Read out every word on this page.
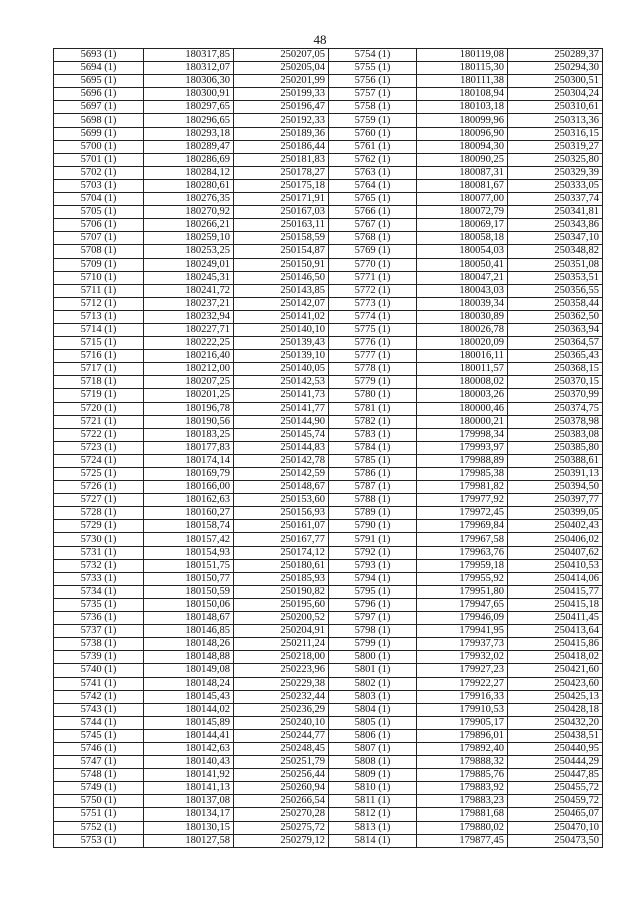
48
5693 (1)	180317,85	250207,05	5754 (1)	180119,08	250289,37
5694 (1)	180312,07	250205,04	5755 (1)	180115,30	250294,30
5695 (1)	180306,30	250201,99	5756 (1)	180111,38	250300,51
5696 (1)	180300,91	250199,33	5757 (1)	180108,94	250304,24
5697 (1)	180297,65	250196,47	5758 (1)	180103,18	250310,61
5698 (1)	180296,65	250192,33	5759 (1)	180099,96	250313,36
5699 (1)	180293,18	250189,36	5760 (1)	180096,90	250316,15
5700 (1)	180289,47	250186,44	5761 (1)	180094,30	250319,27
5701 (1)	180286,69	250181,83	5762 (1)	180090,25	250325,80
5702 (1)	180284,12	250178,27	5763 (1)	180087,31	250329,39
5703 (1)	180280,61	250175,18	5764 (1)	180081,67	250333,05
5704 (1)	180276,35	250171,91	5765 (1)	180077,00	250337,74
5705 (1)	180270,92	250167,03	5766 (1)	180072,79	250341,81
5706 (1)	180266,21	250163,11	5767 (1)	180069,17	250343,86
5707 (1)	180259,10	250158,59	5768 (1)	180058,18	250347,10
5708 (1)	180253,25	250154,87	5769 (1)	180054,03	250348,82
5709 (1)	180249,01	250150,91	5770 (1)	180050,41	250351,08
5710 (1)	180245,31	250146,50	5771 (1)	180047,21	250353,51
5711 (1)	180241,72	250143,85	5772 (1)	180043,03	250356,55
5712 (1)	180237,21	250142,07	5773 (1)	180039,34	250358,44
5713 (1)	180232,94	250141,02	5774 (1)	180030,89	250362,50
5714 (1)	180227,71	250140,10	5775 (1)	180026,78	250363,94
5715 (1)	180222,25	250139,43	5776 (1)	180020,09	250364,57
5716 (1)	180216,40	250139,10	5777 (1)	180016,11	250365,43
5717 (1)	180212,00	250140,05	5778 (1)	180011,57	250368,15
5718 (1)	180207,25	250142,53	5779 (1)	180008,02	250370,15
5719 (1)	180201,25	250141,73	5780 (1)	180003,26	250370,99
5720 (1)	180196,78	250141,77	5781 (1)	180000,46	250374,75
5721 (1)	180190,56	250144,90	5782 (1)	180000,21	250378,98
5722 (1)	180183,25	250145,74	5783 (1)	179998,34	250383,08
5723 (1)	180177,83	250144,83	5784 (1)	179993,97	250385,80
5724 (1)	180174,14	250142,78	5785 (1)	179988,89	250388,61
5725 (1)	180169,79	250142,59	5786 (1)	179985,38	250391,13
5726 (1)	180166,00	250148,67	5787 (1)	179981,82	250394,50
5727 (1)	180162,63	250153,60	5788 (1)	179977,92	250397,77
5728 (1)	180160,27	250156,93	5789 (1)	179972,45	250399,05
5729 (1)	180158,74	250161,07	5790 (1)	179969,84	250402,43
5730 (1)	180157,42	250167,77	5791 (1)	179967,58	250406,02
5731 (1)	180154,93	250174,12	5792 (1)	179963,76	250407,62
5732 (1)	180151,75	250180,61	5793 (1)	179959,18	250410,53
5733 (1)	180150,77	250185,93	5794 (1)	179955,92	250414,06
5734 (1)	180150,59	250190,82	5795 (1)	179951,80	250415,77
5735 (1)	180150,06	250195,60	5796 (1)	179947,65	250415,18
5736 (1)	180148,67	250200,52	5797 (1)	179946,09	250411,45
5737 (1)	180146,85	250204,91	5798 (1)	179941,95	250413,64
5738 (1)	180148,26	250211,24	5799 (1)	179937,73	250415,86
5739 (1)	180148,88	250218,00	5800 (1)	179932,02	250418,02
5740 (1)	180149,08	250223,96	5801 (1)	179927,23	250421,60
5741 (1)	180148,24	250229,38	5802 (1)	179922,27	250423,60
5742 (1)	180145,43	250232,44	5803 (1)	179916,33	250425,13
5743 (1)	180144,02	250236,29	5804 (1)	179910,53	250428,18
5744 (1)	180145,89	250240,10	5805 (1)	179905,17	250432,20
5745 (1)	180144,41	250244,77	5806 (1)	179896,01	250438,51
5746 (1)	180142,63	250248,45	5807 (1)	179892,40	250440,95
5747 (1)	180140,43	250251,79	5808 (1)	179888,32	250444,29
5748 (1)	180141,92	250256,44	5809 (1)	179885,76	250447,85
5749 (1)	180141,13	250260,94	5810 (1)	179883,92	250455,72
5750 (1)	180137,08	250266,54	5811 (1)	179883,23	250459,72
5751 (1)	180134,17	250270,28	5812 (1)	179881,68	250465,07
5752 (1)	180130,15	250275,72	5813 (1)	179880,02	250470,10
5753 (1)	180127,58	250279,12	5814 (1)	179877,45	250473,50
